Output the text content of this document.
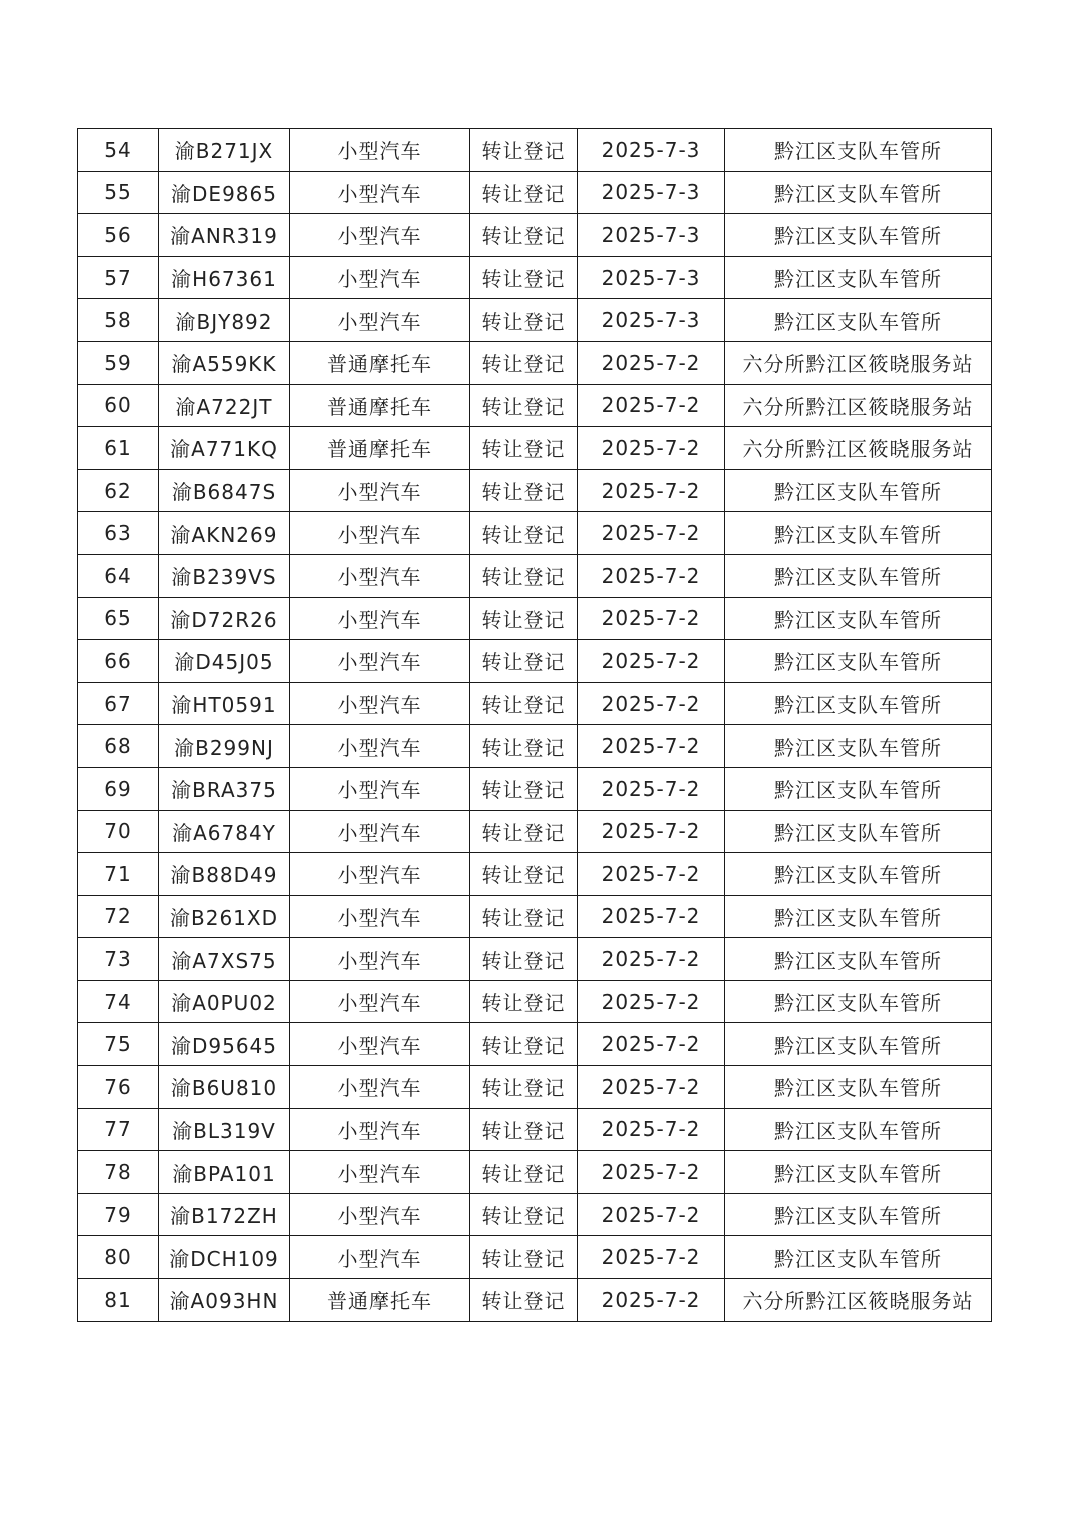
54	渝B271JX	小型汽车	转让登记	2025-7-3	黔江区支队车管所
55	渝DE9865	小型汽车	转让登记	2025-7-3	黔江区支队车管所
56	渝ANR319	小型汽车	转让登记	2025-7-3	黔江区支队车管所
57	渝H67361	小型汽车	转让登记	2025-7-3	黔江区支队车管所
58	渝BJY892	小型汽车	转让登记	2025-7-3	黔江区支队车管所
59	渝A559KK	普通摩托车	转让登记	2025-7-2	六分所黔江区筱晓服务站
60	渝A722JT	普通摩托车	转让登记	2025-7-2	六分所黔江区筱晓服务站
61	渝A771KQ	普通摩托车	转让登记	2025-7-2	六分所黔江区筱晓服务站
62	渝B6847S	小型汽车	转让登记	2025-7-2	黔江区支队车管所
63	渝AKN269	小型汽车	转让登记	2025-7-2	黔江区支队车管所
64	渝B239VS	小型汽车	转让登记	2025-7-2	黔江区支队车管所
65	渝D72R26	小型汽车	转让登记	2025-7-2	黔江区支队车管所
66	渝D45J05	小型汽车	转让登记	2025-7-2	黔江区支队车管所
67	渝HT0591	小型汽车	转让登记	2025-7-2	黔江区支队车管所
68	渝B299NJ	小型汽车	转让登记	2025-7-2	黔江区支队车管所
69	渝BRA375	小型汽车	转让登记	2025-7-2	黔江区支队车管所
70	渝A6784Y	小型汽车	转让登记	2025-7-2	黔江区支队车管所
71	渝B88D49	小型汽车	转让登记	2025-7-2	黔江区支队车管所
72	渝B261XD	小型汽车	转让登记	2025-7-2	黔江区支队车管所
73	渝A7XS75	小型汽车	转让登记	2025-7-2	黔江区支队车管所
74	渝A0PU02	小型汽车	转让登记	2025-7-2	黔江区支队车管所
75	渝D95645	小型汽车	转让登记	2025-7-2	黔江区支队车管所
76	渝B6U810	小型汽车	转让登记	2025-7-2	黔江区支队车管所
77	渝BL319V	小型汽车	转让登记	2025-7-2	黔江区支队车管所
78	渝BPA101	小型汽车	转让登记	2025-7-2	黔江区支队车管所
79	渝B172ZH	小型汽车	转让登记	2025-7-2	黔江区支队车管所
80	渝DCH109	小型汽车	转让登记	2025-7-2	黔江区支队车管所
81	渝A093HN	普通摩托车	转让登记	2025-7-2	六分所黔江区筱晓服务站
